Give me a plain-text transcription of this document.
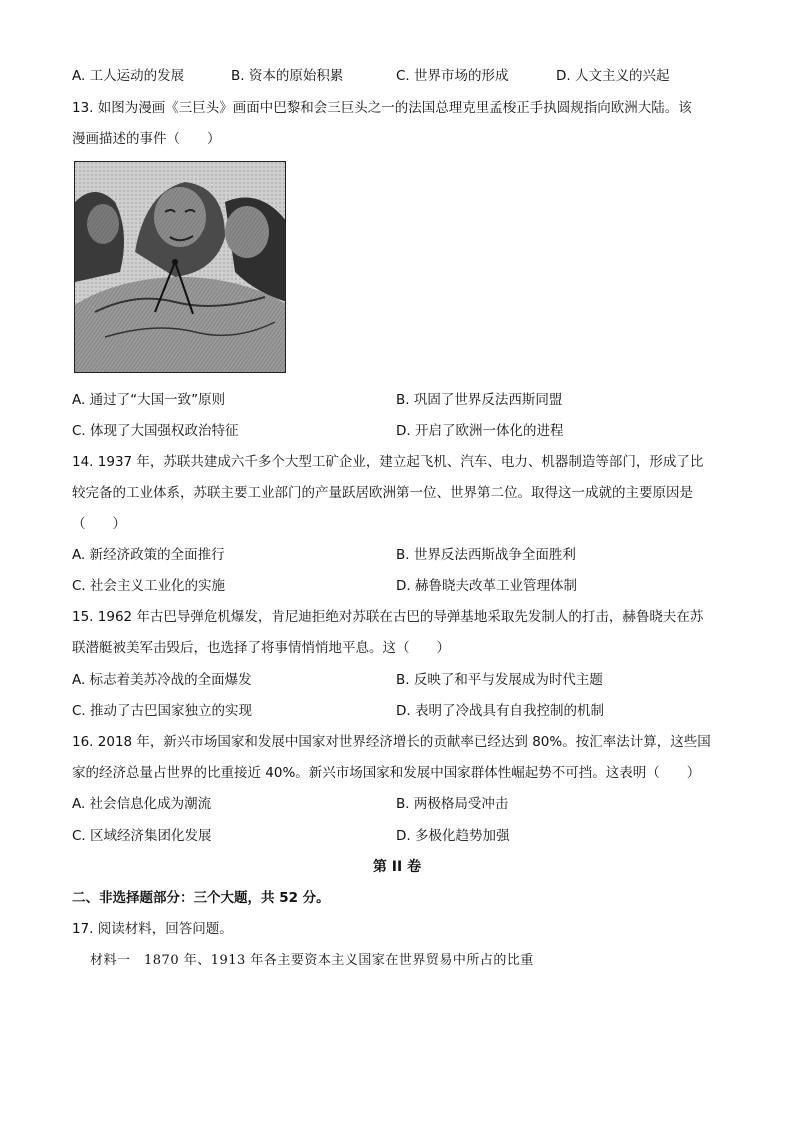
A. 工人运动的发展	B. 资本的原始积累	C. 世界市场的形成	D. 人文主义的兴起
13. 如图为漫画《三巨头》画面中巴黎和会三巨头之一的法国总理克里孟梭正手执圆规指向欧洲大陆。该
漫画描述的事件（　　）
A. 通过了“大国一致”原则	B. 巩固了世界反法西斯同盟
C. 体现了大国强权政治特征	D. 开启了欧洲一体化的进程
14. 1937 年，苏联共建成六千多个大型工矿企业，建立起飞机、汽车、电力、机器制造等部门，形成了比
较完备的工业体系，苏联主要工业部门的产量跃居欧洲第一位、世界第二位。取得这一成就的主要原因是
（　　）
A. 新经济政策的全面推行	B. 世界反法西斯战争全面胜利
C. 社会主义工业化的实施	D. 赫鲁晓夫改革工业管理体制
15. 1962 年古巴导弹危机爆发，肯尼迪拒绝对苏联在古巴的导弹基地采取先发制人的打击，赫鲁晓夫在苏
联潜艇被美军击毁后，也选择了将事情悄悄地平息。这（　　）
A. 标志着美苏冷战的全面爆发	B. 反映了和平与发展成为时代主题
C. 推动了古巴国家独立的实现	D. 表明了冷战具有自我控制的机制
16. 2018 年，新兴市场国家和发展中国家对世界经济增长的贡献率已经达到 80%。按汇率法计算，这些国
家的经济总量占世界的比重接近 40%。新兴市场国家和发展中国家群体性崛起势不可挡。这表明（　　）
A. 社会信息化成为潮流	B. 两极格局受冲击
C. 区域经济集团化发展	D. 多极化趋势加强
第 II 卷
二、非选择题部分：三个大题，共 52 分。
17. 阅读材料，回答问题。
材料一　1870 年、1913 年各主要资本主义国家在世界贸易中所占的比重
